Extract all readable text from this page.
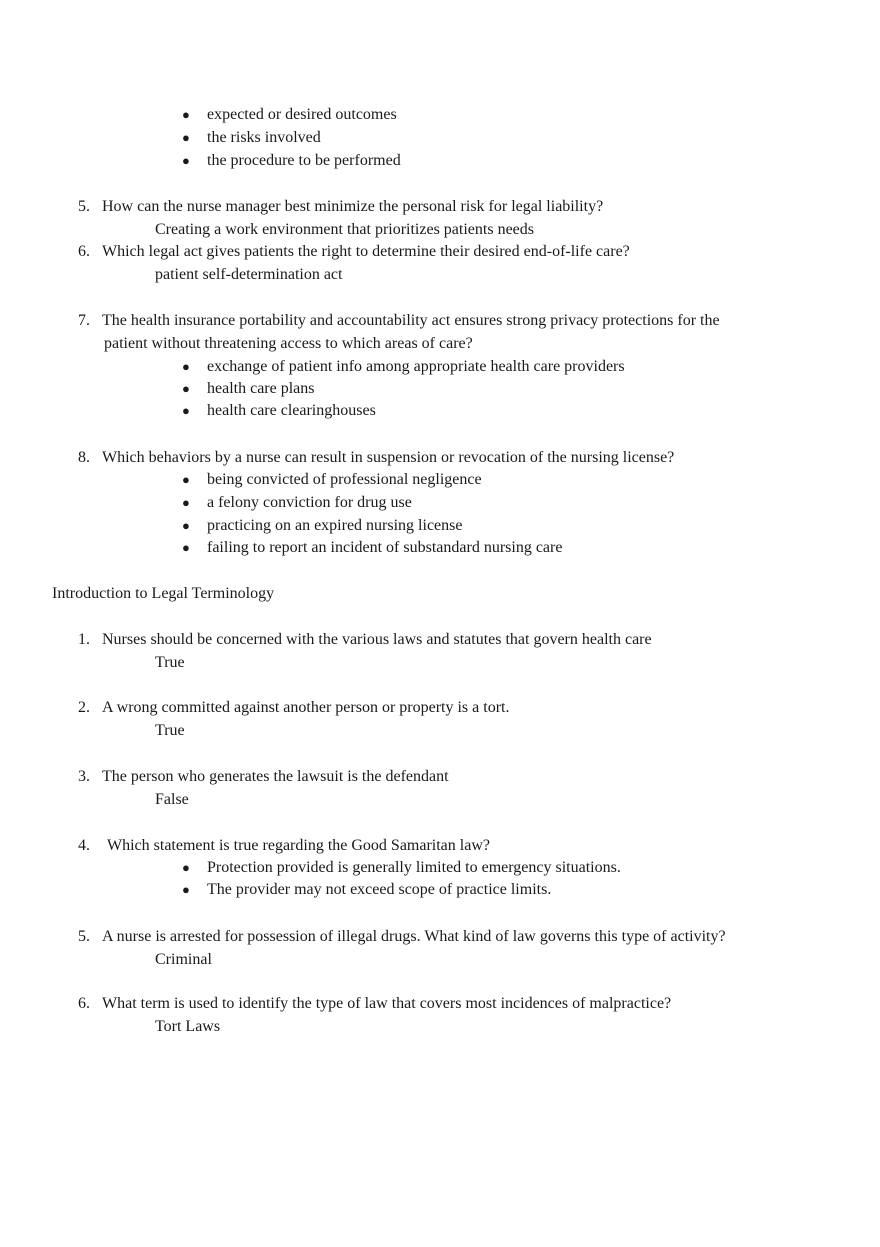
● expected or desired outcomes
● the risks involved
● the procedure to be performed
5. How can the nurse manager best minimize the personal risk for legal liability?
Creating a work environment that prioritizes patients needs
6. Which legal act gives patients the right to determine their desired end-of-life care?
patient self-determination act
7. The health insurance portability and accountability act ensures strong privacy protections for the
patient without threatening access to which areas of care?
● exchange of patient info among appropriate health care providers
● health care plans
● health care clearinghouses
8. Which behaviors by a nurse can result in suspension or revocation of the nursing license?
● being convicted of professional negligence
● a felony conviction for drug use
● practicing on an expired nursing license
● failing to report an incident of substandard nursing care
Introduction to Legal Terminology
1. Nurses should be concerned with the various laws and statutes that govern health care
True
2. A wrong committed against another person or property is a tort.
True
3. The person who generates the lawsuit is the defendant
False
4. Which statement is true regarding the Good Samaritan law?
● Protection provided is generally limited to emergency situations.
● The provider may not exceed scope of practice limits.
5. A nurse is arrested for possession of illegal drugs. What kind of law governs this type of activity?
Criminal
6. What term is used to identify the type of law that covers most incidences of malpractice?
Tort Laws
